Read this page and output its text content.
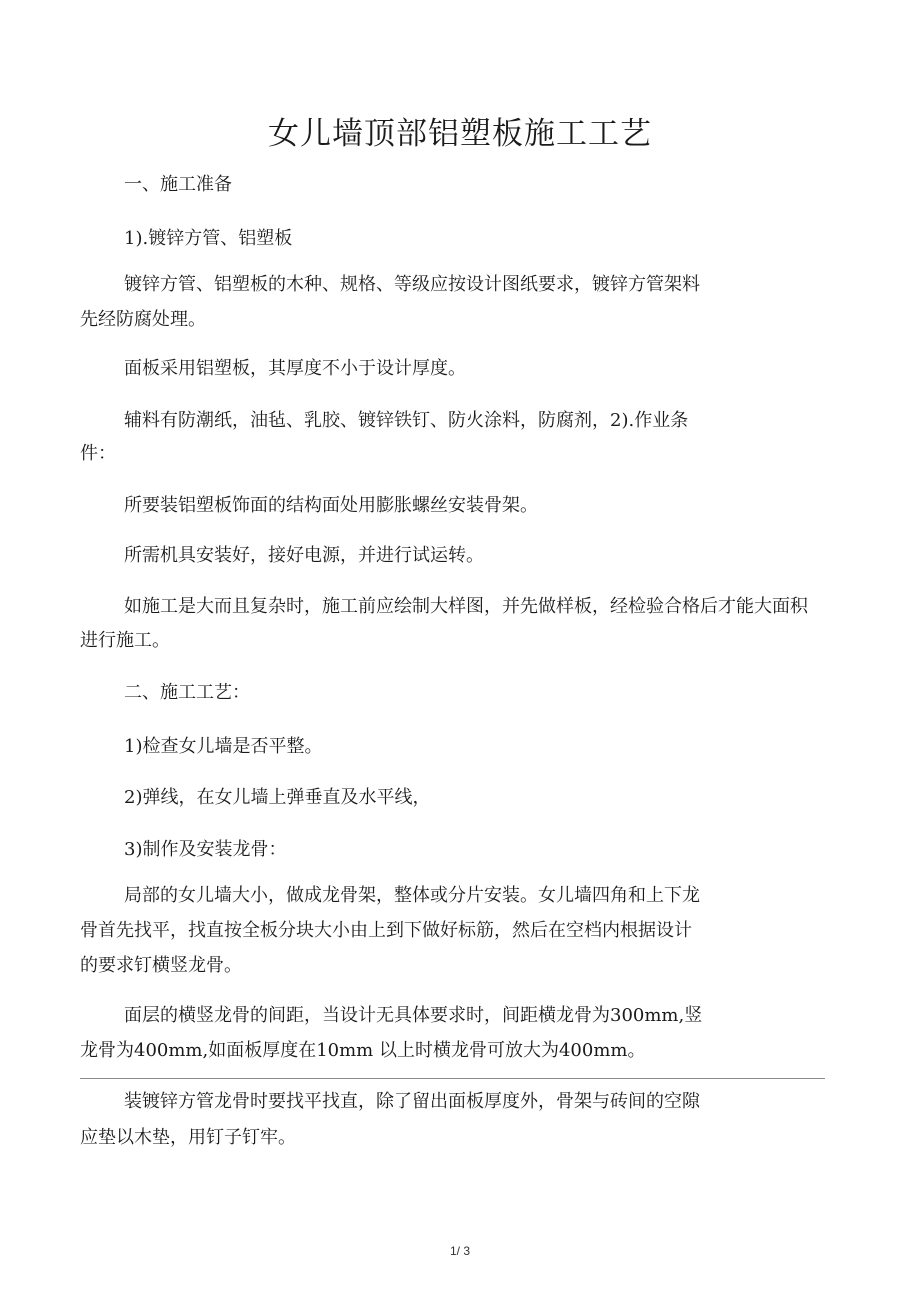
女儿墙顶部铝塑板施工工艺
一、施工准备
1).镀锌方管、铝塑板
镀锌方管、铝塑板的木种、规格、等级应按设计图纸要求，镀锌方管架料
先经防腐处理。
面板采用铝塑板，其厚度不小于设计厚度。
辅料有防潮纸，油毡、乳胶、镀锌铁钉、防火涂料，防腐剂，2).作业条
件：
所要装铝塑板饰面的结构面处用膨胀螺丝安装骨架。
所需机具安装好，接好电源，并进行试运转。
如施工是大而且复杂时，施工前应绘制大样图，并先做样板，经检验合格后才能大面积
进行施工。
二、施工工艺：
1)检查女儿墙是否平整。
2)弹线，在女儿墙上弹垂直及水平线，
3)制作及安装龙骨：
局部的女儿墙大小，做成龙骨架，整体或分片安装。女儿墙四角和上下龙
骨首先找平，找直按全板分块大小由上到下做好标筋，然后在空档内根据设计
的要求钉横竖龙骨。
面层的横竖龙骨的间距，当设计无具体要求时，间距横龙骨为300mm,竖
龙骨为400mm,如面板厚度在10mm 以上时横龙骨可放大为400mm。
装镀锌方管龙骨时要找平找直，除了留出面板厚度外，骨架与砖间的空隙
应垫以木垫，用钉子钉牢。
1/ 3
